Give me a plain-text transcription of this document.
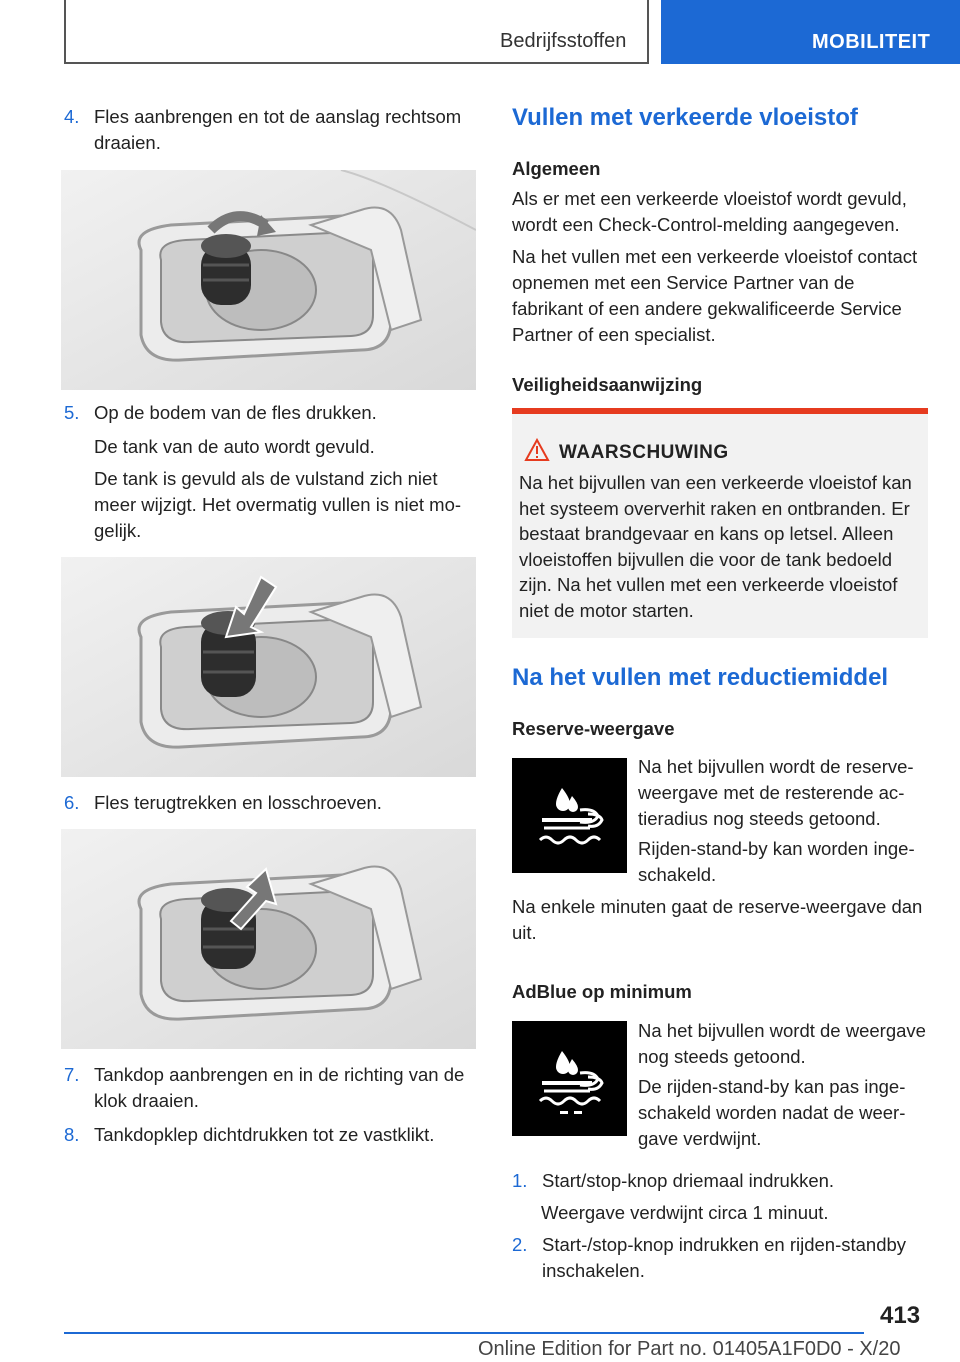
Bedrijfsstoffen	MOBILITEIT
4. Fles aanbrengen en tot de aanslag rechtsom draaien.
5. Op de bodem van de fles drukken.
De tank van de auto wordt gevuld.
De tank is gevuld als de vulstand zich niet meer wijzigt. Het overmatig vullen is niet mogelijk.
6. Fles terugtrekken en losschroeven.
7. Tankdop aanbrengen en in de richting van de klok draaien.
8. Tankdopklep dichtdrukken tot ze vastklikt.
Vullen met verkeerde vloeistof
Algemeen
Als er met een verkeerde vloeistof wordt gevuld, wordt een Check-Control-melding aangegeven.
Na het vullen met een verkeerde vloeistof contact opnemen met een Service Partner van de fabrikant of een andere gekwalificeerde Service Partner of een specialist.
Veiligheidsaanwijzing
WAARSCHUWING
Na het bijvullen van een verkeerde vloeistof kan het systeem oververhit raken en ontbranden. Er bestaat brandgevaar en kans op letsel. Alleen vloeistoffen bijvullen die voor de tank bedoeld zijn. Na het vullen met een verkeerde vloeistof niet de motor starten.
Na het vullen met reductiemiddel
Reserve-weergave
Na het bijvullen wordt de reserveweergave met de resterende actieradius nog steeds getoond.
Rijden-stand-by kan worden ingeschakeld.
Na enkele minuten gaat de reserve-weergave dan uit.
AdBlue op minimum
Na het bijvullen wordt de weergave nog steeds getoond.
De rijden-stand-by kan pas ingeschakeld worden nadat de weergave verdwijnt.
1. Start/stop-knop driemaal indrukken.
Weergave verdwijnt circa 1 minuut.
2. Start-/stop-knop indrukken en rijden-standby inschakelen.
413
Online Edition for Part no. 01405A1F0D0 - X/20
